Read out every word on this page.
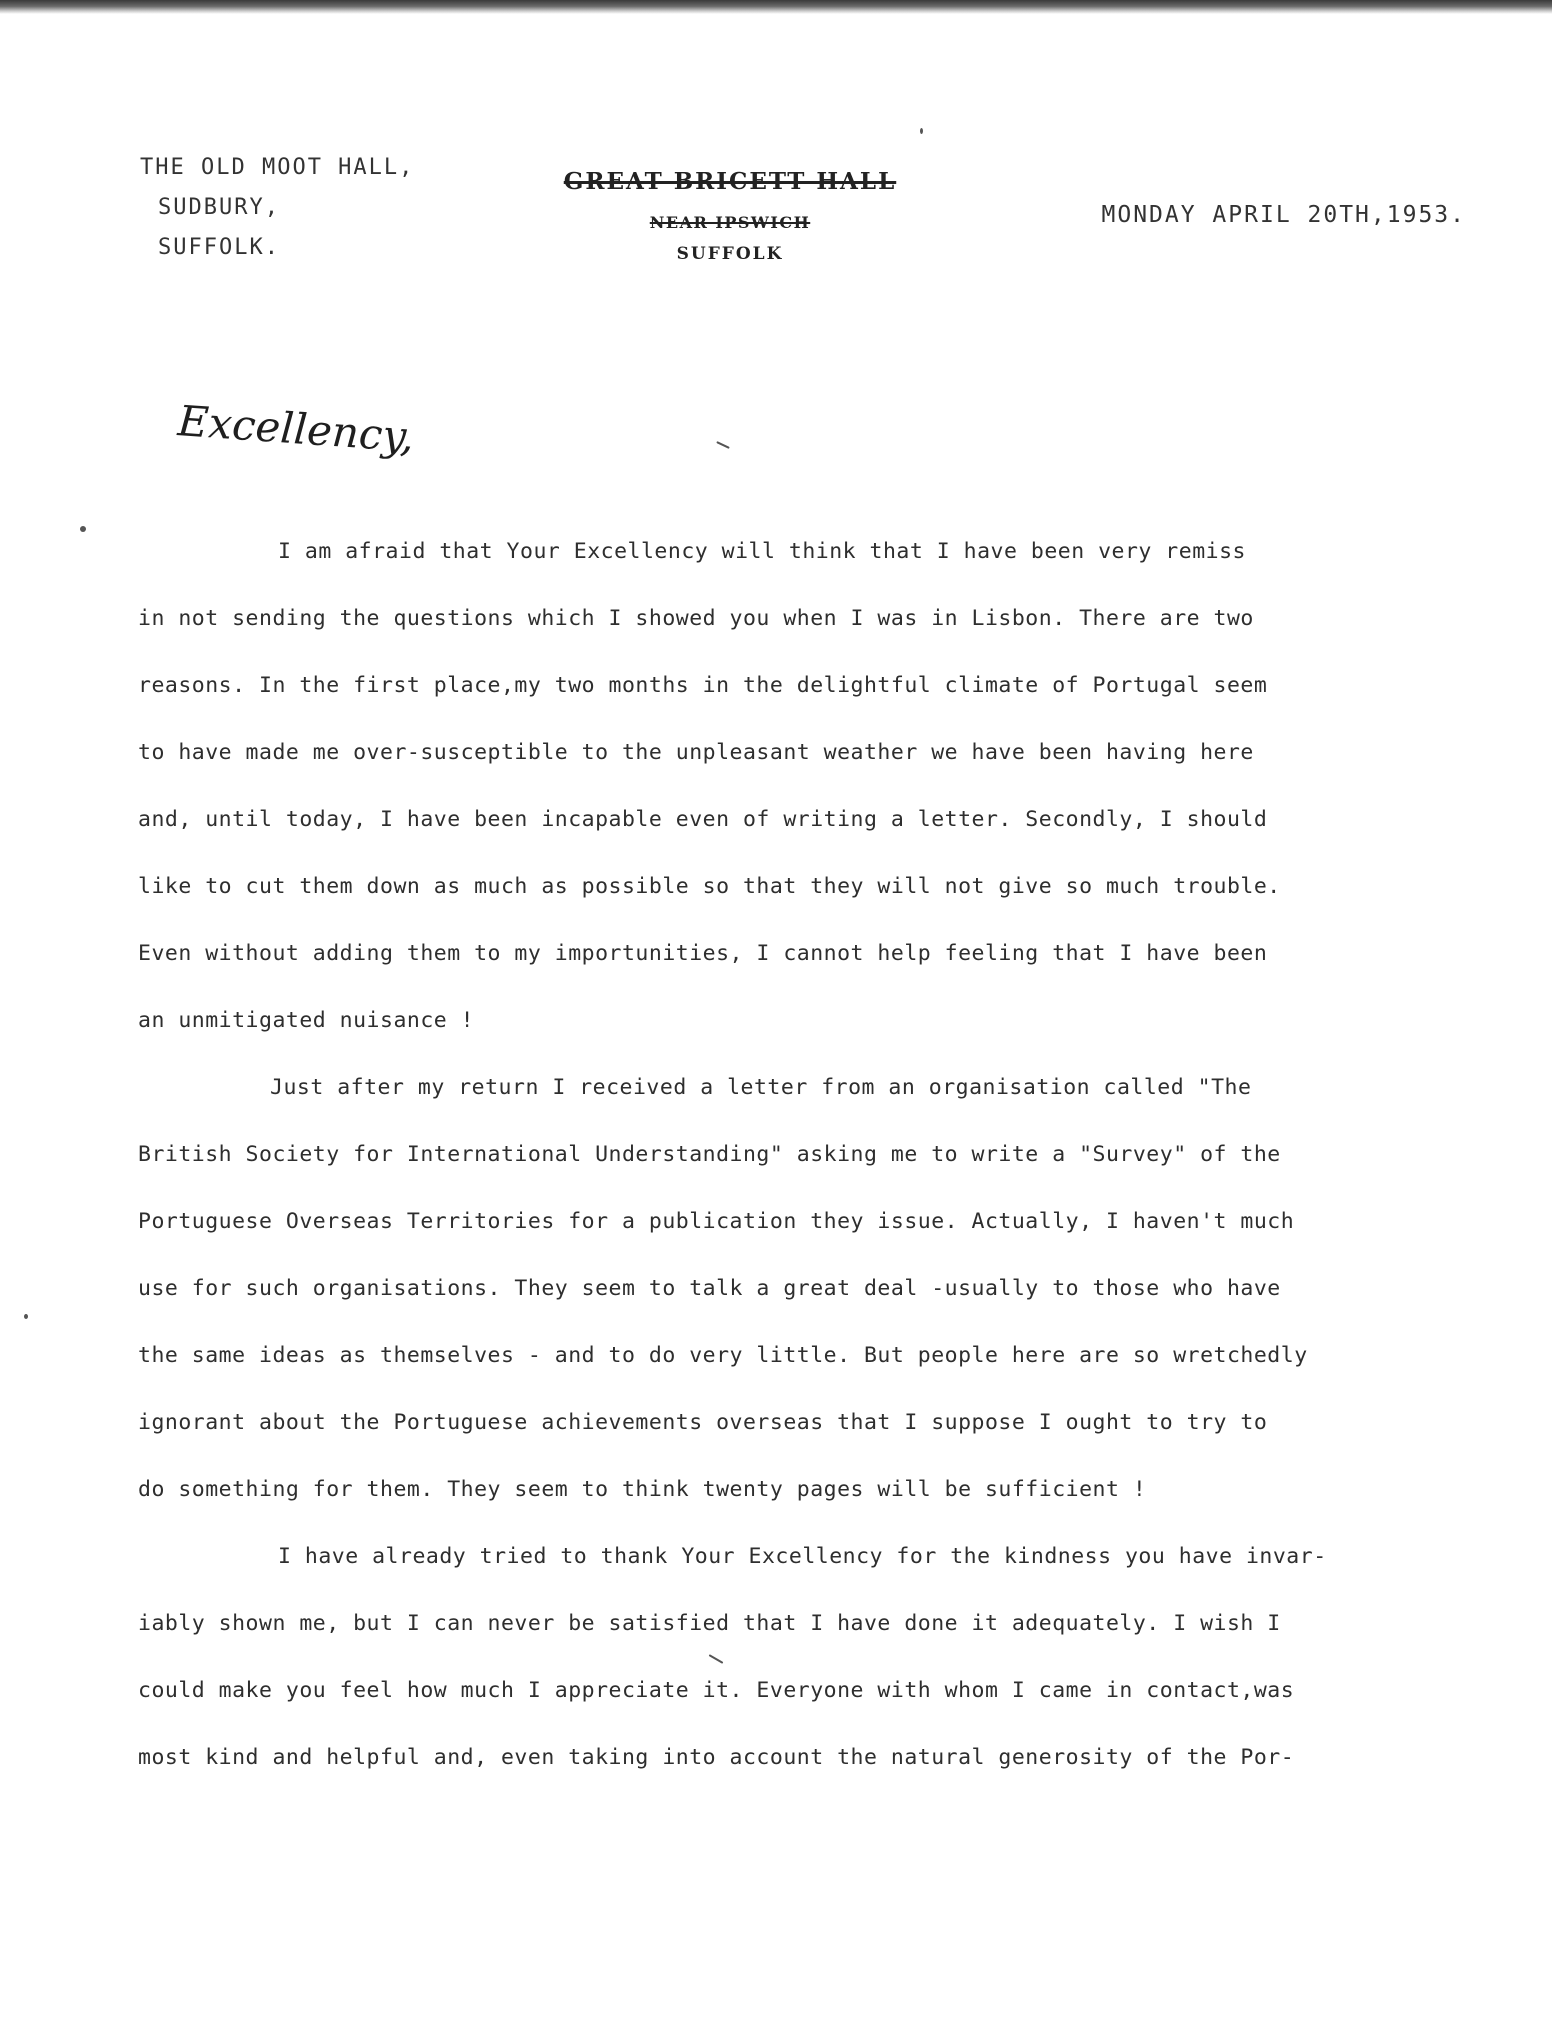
THE OLD MOOT HALL,
SUDBURY,
SUFFOLK.
GREAT BRICETT HALL
NEAR IPSWICH
SUFFOLK
MONDAY APRIL 20TH,1953.
Excellency,
I am afraid that Your Excellency will think that I have been very remiss
in not sending the questions which I showed you when I was in Lisbon. There are two
reasons. In the first place,my two months in the delightful climate of Portugal seem
to have made me over-susceptible to the unpleasant weather we have been having here
and, until today, I have been incapable even of writing a letter. Secondly, I should
like to cut them down as much as possible so that they will not give so much trouble.
Even without adding them to my importunities, I cannot help feeling that I have been
an unmitigated nuisance !
Just after my return I received a letter from an organisation called "The
British Society for International Understanding" asking me to write a "Survey" of the
Portuguese Overseas Territories for a publication they issue. Actually, I haven't much
use for such organisations. They seem to talk a great deal -usually to those who have
the same ideas as themselves - and to do very little. But people here are so wretchedly
ignorant about the Portuguese achievements overseas that I suppose I ought to try to
do something for them. They seem to think twenty pages will be sufficient !
I have already tried to thank Your Excellency for the kindness you have invar-
iably shown me, but I can never be satisfied that I have done it adequately. I wish I
could make you feel how much I appreciate it. Everyone with whom I came in contact,was
most kind and helpful and, even taking into account the natural generosity of the Por-
